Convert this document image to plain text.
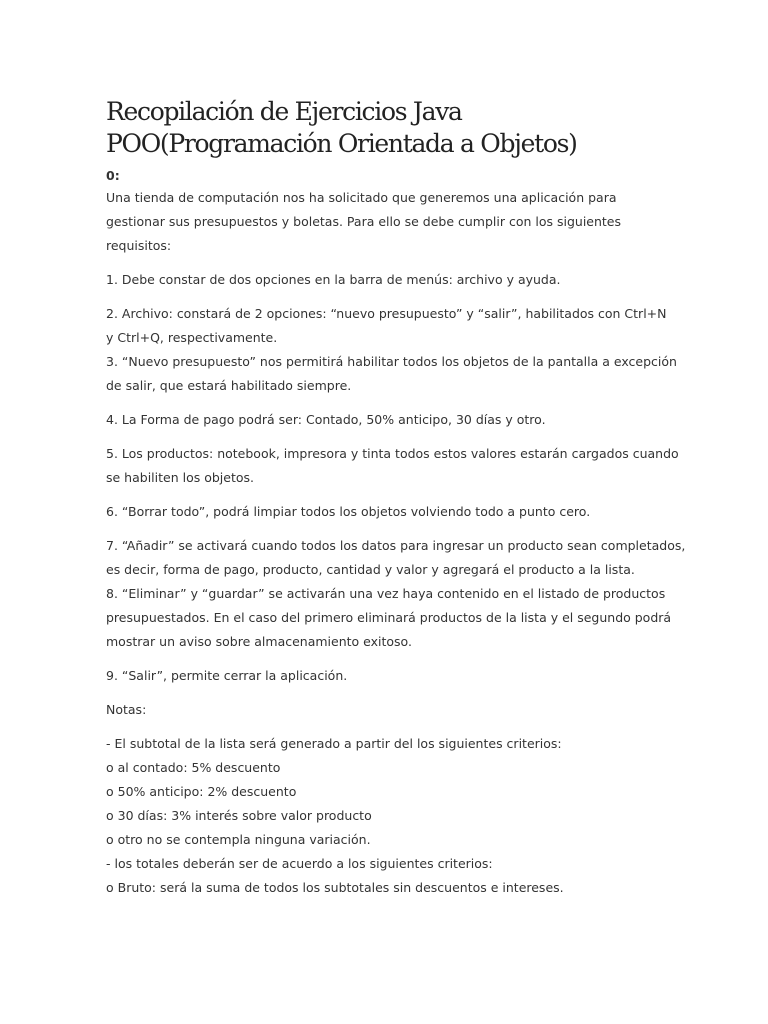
Recopilación de Ejercicios Java
POO(Programación Orientada a Objetos)
0:

Una tienda de computación nos ha solicitado que generemos una aplicación para
gestionar sus presupuestos y boletas. Para ello se debe cumplir con los siguientes
requisitos:

1. Debe constar de dos opciones en la barra de menús: archivo y ayuda.

2. Archivo: constará de 2 opciones: “nuevo presupuesto” y “salir”, habilitados con Ctrl+N
y Ctrl+Q, respectivamente.

3. “Nuevo presupuesto” nos permitirá habilitar todos los objetos de la pantalla a excepción
de salir, que estará habilitado siempre.

4. La Forma de pago podrá ser: Contado, 50% anticipo, 30 días y otro.

5. Los productos: notebook, impresora y tinta todos estos valores estarán cargados cuando
se habiliten los objetos.

6. “Borrar todo”, podrá limpiar todos los objetos volviendo todo a punto cero.

7. “Añadir” se activará cuando todos los datos para ingresar un producto sean completados,
es decir, forma de pago, producto, cantidad y valor y agregará el producto a la lista.

8. “Eliminar” y “guardar” se activarán una vez haya contenido en el listado de productos
presupuestados. En el caso del primero eliminará productos de la lista y el segundo podrá
mostrar un aviso sobre almacenamiento exitoso.

9. “Salir”, permite cerrar la aplicación.

Notas:

- El subtotal de la lista será generado a partir del los siguientes criterios:
o al contado: 5% descuento
o 50% anticipo: 2% descuento
o 30 días: 3% interés sobre valor producto
o otro no se contempla ninguna variación.
- los totales deberán ser de acuerdo a los siguientes criterios:
o Bruto: será la suma de todos los subtotales sin descuentos e intereses.
